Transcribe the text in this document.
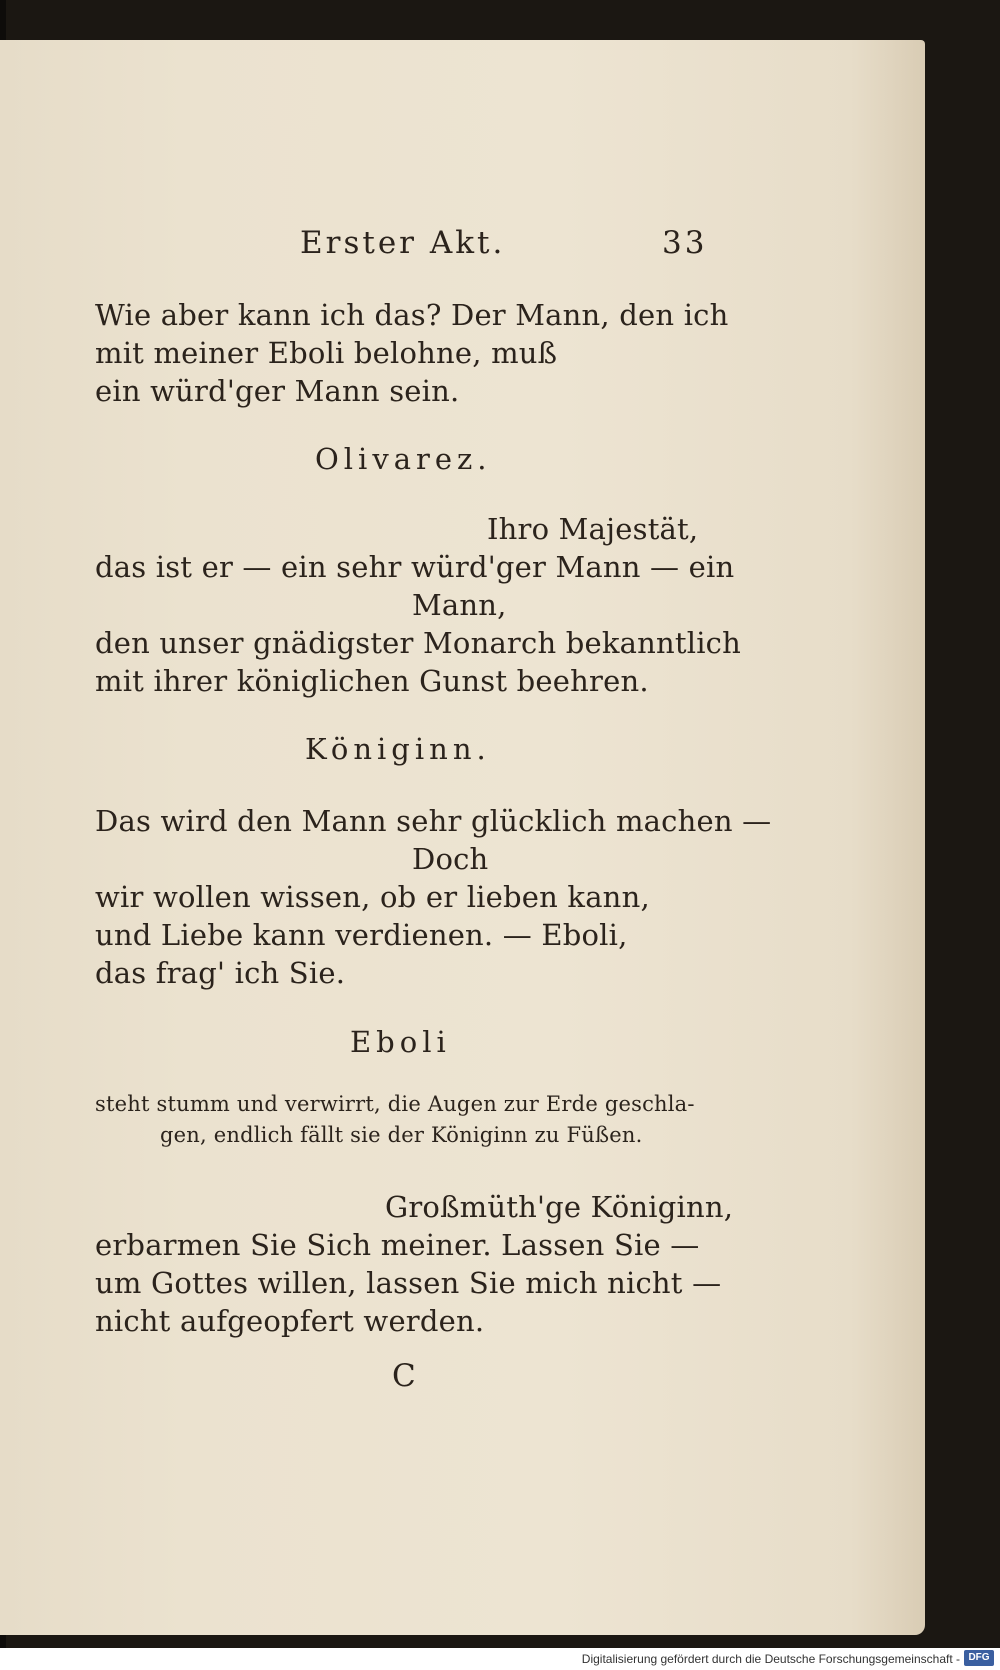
Erster Akt.	33
Wie aber kann ich das? Der Mann, den ich
mit meiner Eboli belohne, muß
ein würd'ger Mann sein.
Olivarez.
Ihro Majestät,
das ist er — ein sehr würd'ger Mann — ein
Mann,
den unser gnädigster Monarch bekanntlich
mit ihrer königlichen Gunst beehren.
Königinn.
Das wird den Mann sehr glücklich machen —
Doch
wir wollen wissen, ob er lieben kann,
und Liebe kann verdienen. — Eboli,
das frag' ich Sie.
Eboli
steht stumm und verwirrt, die Augen zur Erde geschla-
gen, endlich fällt sie der Königinn zu Füßen.
Großmüth'ge Königinn,
erbarmen Sie Sich meiner. Lassen Sie —
um Gottes willen, lassen Sie mich nicht —
nicht aufgeopfert werden.
C
Digitalisierung gefördert durch die Deutsche Forschungsgemeinschaft - DFG
